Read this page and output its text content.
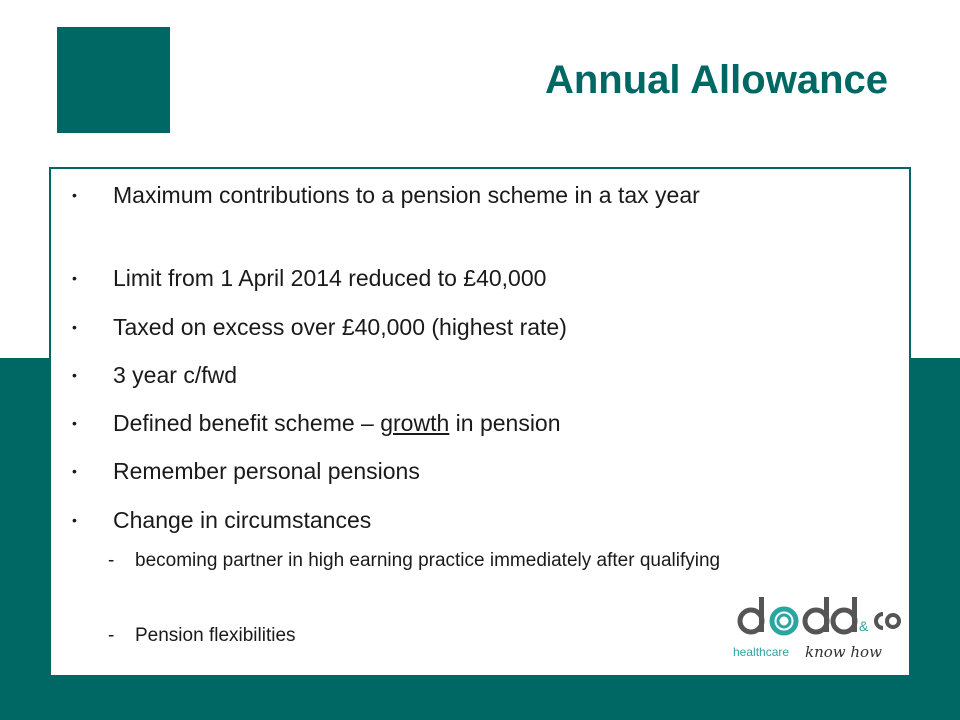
Annual Allowance
• Maximum contributions to a pension scheme in a tax year
• Limit from 1 April 2014 reduced to £40,000
• Taxed on excess over £40,000 (highest rate)
• 3 year c/fwd
• Defined benefit scheme – growth in pension
• Remember personal pensions
• Change in circumstances
- becoming partner in high earning practice immediately after qualifying
- Pension flexibilities	&
healthcare know how
